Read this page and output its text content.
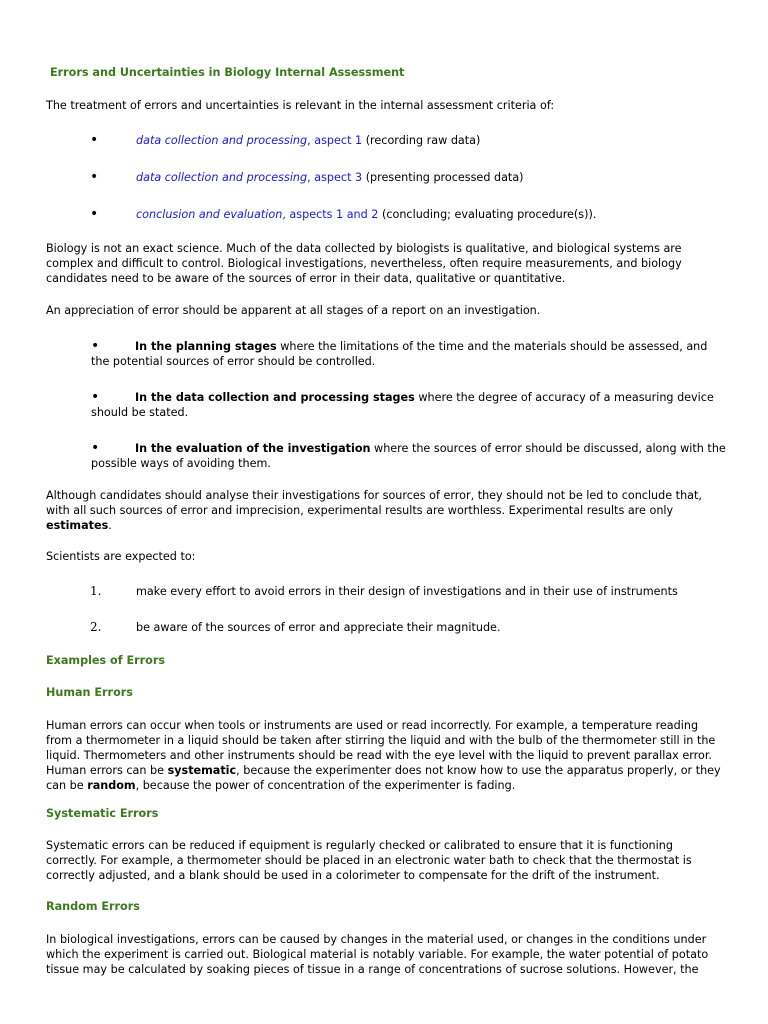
Errors and Uncertainties in Biology Internal Assessment

The treatment of errors and uncertainties is relevant in the internal assessment criteria of:

•	data collection and processing, aspect 1 (recording raw data)
•	data collection and processing, aspect 3 (presenting processed data)
•	conclusion and evaluation, aspects 1 and 2 (concluding; evaluating procedure(s)).

Biology is not an exact science. Much of the data collected by biologists is qualitative, and biological systems are complex and difficult to control. Biological investigations, nevertheless, often require measurements, and biology candidates need to be aware of the sources of error in their data, qualitative or quantitative.

An appreciation of error should be apparent at all stages of a report on an investigation.

•	In the planning stages where the limitations of the time and the materials should be assessed, and the potential sources of error should be controlled.

•	In the data collection and processing stages where the degree of accuracy of a measuring device should be stated.

•	In the evaluation of the investigation where the sources of error should be discussed, along with the possible ways of avoiding them.

Although candidates should analyse their investigations for sources of error, they should not be led to conclude that, with all such sources of error and imprecision, experimental results are worthless. Experimental results are only estimates.

Scientists are expected to:

1.	make every effort to avoid errors in their design of investigations and in their use of instruments
2.	be aware of the sources of error and appreciate their magnitude.
Examples of Errors
Human Errors

Human errors can occur when tools or instruments are used or read incorrectly. For example, a temperature reading from a thermometer in a liquid should be taken after stirring the liquid and with the bulb of the thermometer still in the liquid. Thermometers and other instruments should be read with the eye level with the liquid to prevent parallax error. Human errors can be systematic, because the experimenter does not know how to use the apparatus properly, or they can be random, because the power of concentration of the experimenter is fading.

Systematic Errors

Systematic errors can be reduced if equipment is regularly checked or calibrated to ensure that it is functioning correctly. For example, a thermometer should be placed in an electronic water bath to check that the thermostat is correctly adjusted, and a blank should be used in a colorimeter to compensate for the drift of the instrument.

Random Errors

In biological investigations, errors can be caused by changes in the material used, or changes in the conditions under which the experiment is carried out. Biological material is notably variable. For example, the water potential of potato tissue may be calculated by soaking pieces of tissue in a range of concentrations of sucrose solutions. However, the
